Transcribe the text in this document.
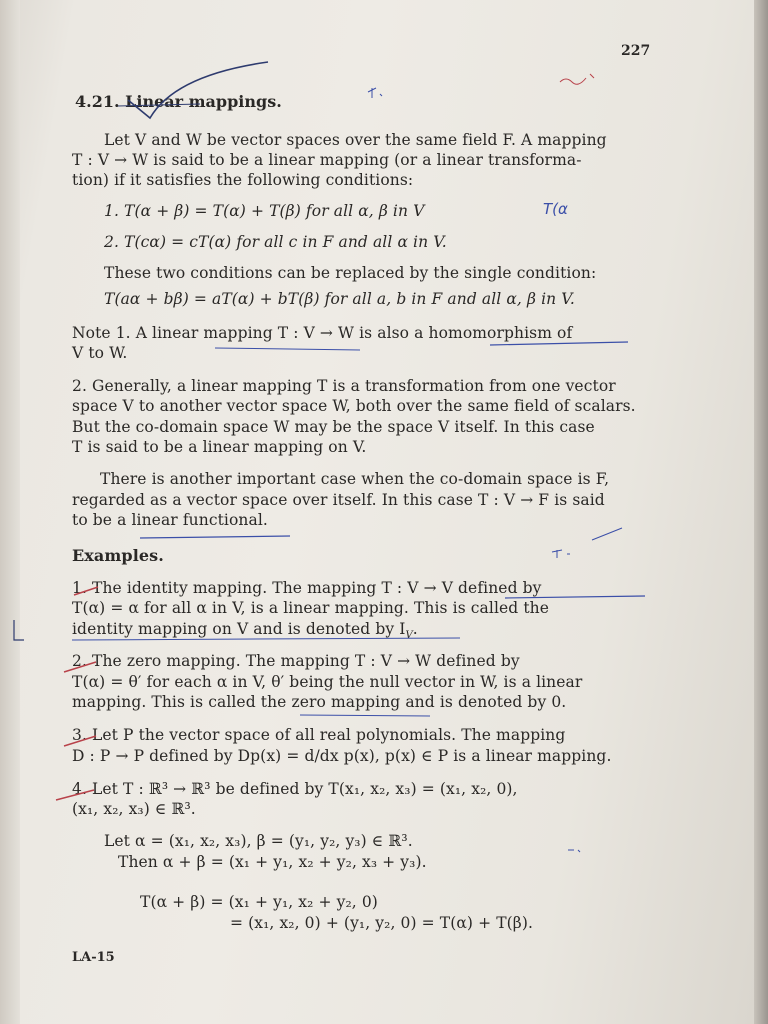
227
4.21. Linear mappings.
Let V and W be vector spaces over the same field F. A mapping
T : V → W is said to be a linear mapping (or a linear transforma-
tion) if it satisfies the following conditions:
1. T(α + β) = T(α) + T(β) for all α, β in V
2. T(cα) = cT(α) for all c in F and all α in V.
These two conditions can be replaced by the single condition:
T(aα + bβ) = aT(α) + bT(β) for all a, b in F and all α, β in V.
Note 1. A linear mapping T : V → W is also a homomorphism of
V to W.
2. Generally, a linear mapping T is a transformation from one vector
space V to another vector space W, both over the same field of scalars.
But the co-domain space W may be the space V itself. In this case
T is said to be a linear mapping on V.
There is another important case when the co-domain space is F,
regarded as a vector space over itself. In this case T : V → F is said
to be a linear functional.
Examples.
1. The identity mapping. The mapping T : V → V defined by
T(α) = α for all α in V, is a linear mapping. This is called the
identity mapping on V and is denoted by $I_V$.
2. The zero mapping. The mapping T : V → W defined by
T(α) = θ′ for each α in V, θ′ being the null vector in W, is a linear
mapping. This is called the zero mapping and is denoted by 0.
3. Let P the vector space of all real polynomials. The mapping
D : P → P defined by Dp(x) = d/dx p(x), p(x) ∈ P is a linear mapping.
4. Let T : ℝ³ → ℝ³ be defined by T(x₁, x₂, x₃) = (x₁, x₂, 0),
(x₁, x₂, x₃) ∈ ℝ³.
Let α = (x₁, x₂, x₃), β = (y₁, y₂, y₃) ∈ ℝ³.
Then α + β = (x₁ + y₁, x₂ + y₂, x₃ + y₃).
T(α + β) = (x₁ + y₁, x₂ + y₂, 0)
= (x₁, x₂, 0) + (y₁, y₂, 0) = T(α) + T(β).
LA-15
T(α
